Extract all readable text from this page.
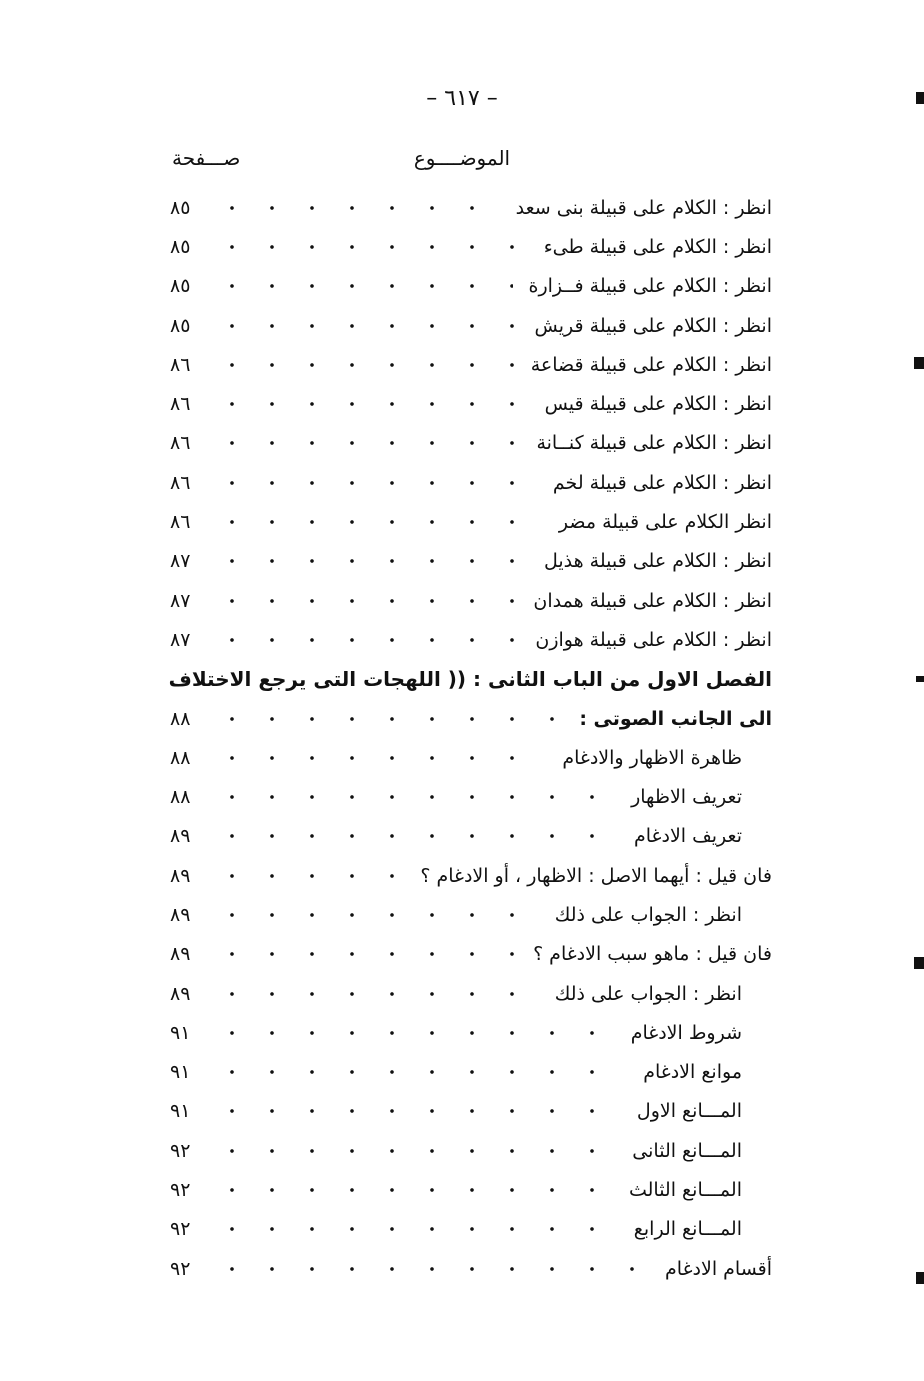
– ٦١٧ –
الموضــــوع
صـــفحة
انظر : الكلام على قبيلة بنى سعد
٨٥
انظر : الكلام على قبيلة طىء
٨٥
انظر : الكلام على قبيلة فــزارة
٨٥
انظر : الكلام على قبيلة قريش
٨٥
انظر : الكلام على قبيلة قضاعة
٨٦
انظر : الكلام على قبيلة قيس
٨٦
انظر : الكلام على قبيلة كنــانة
٨٦
انظر : الكلام على قبيلة لخم
٨٦
انظر الكلام على قبيلة مضر
٨٦
انظر : الكلام على قبيلة هذيل
٨٧
انظر : الكلام على قبيلة همدان
٨٧
انظر : الكلام على قبيلة هوازن
٨٧
الفصل الاول من الباب الثانى : (( اللهجات التى يرجع الاختلاف
الى الجانب الصوتى :
٨٨
ظاهرة الاظهار والادغام
٨٨
تعريف الاظهار
٨٨
تعريف الادغام
٨٩
فان قيل : أيهما الاصل : الاظهار ، أو الادغام ؟
٨٩
انظر : الجواب على ذلك
٨٩
فان قيل : ماهو سبب الادغام ؟
٨٩
انظر : الجواب على ذلك
٨٩
شروط الادغام
٩١
موانع الادغام
٩١
المـــانع الاول
٩١
المـــانع الثانى
٩٢
المـــانع الثالث
٩٢
المـــانع الرابع
٩٢
أقسام الادغام
٩٢
